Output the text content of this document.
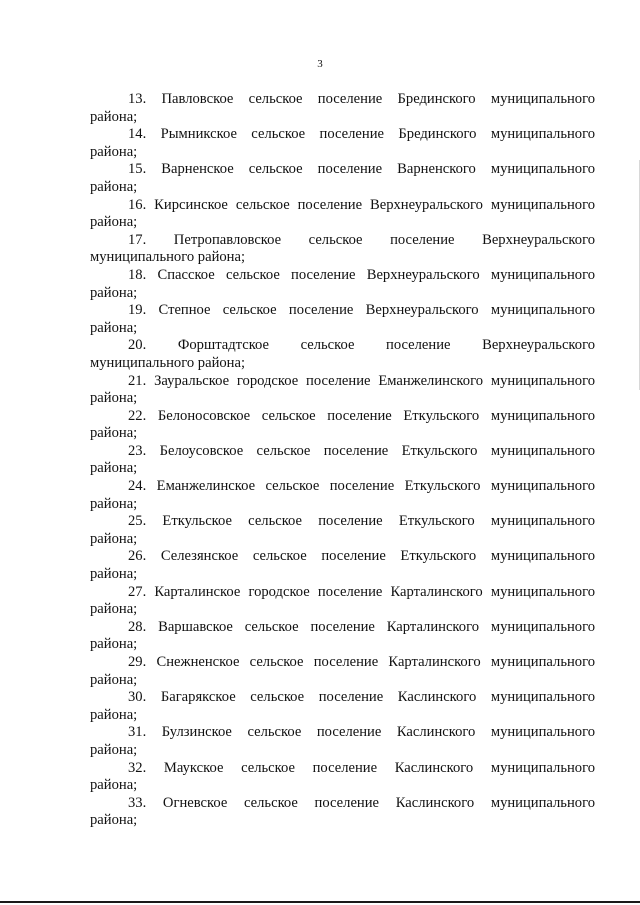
3

13. Павловское сельское поселение Брединского муниципального
района;

14. Рымникское сельское поселение Брединского муниципального
района;

15. Варненское сельское поселение Варненского муниципального
района;

16. Кирсинское сельское поселение Верхнеуральского муниципального
района;

17. Петропавловское сельское поселение Верхнеуральского
муниципального района;

18. Спасское сельское поселение Верхнеуральского муниципального
района;

19. Степное сельское поселение Верхнеуральского муниципального
района;

20. Форштадтское сельское поселение Верхнеуральского
муниципального района;

21. Зауральское городское поселение Еманжелинского муниципального
района;

22. Белоносовское сельское поселение Еткульского муниципального
района;

23. Белоусовское сельское поселение Еткульского муниципального
района;

24. Еманжелинское сельское поселение Еткульского муниципального
района;

25. Еткульское сельское поселение Еткульского муниципального
района;

26. Селезянское сельское поселение Еткульского муниципального
района;

27. Карталинское городское поселение Карталинского муниципального
района;

28. Варшавское сельское поселение Карталинского муниципального
района;

29. Снежненское сельское поселение Карталинского муниципального
района;

30. Багарякское сельское поселение Каслинского муниципального
района;

31. Булзинское сельское поселение Каслинского муниципального
района;

32. Маукское сельское поселение Каслинского муниципального
района;

33. Огневское сельское поселение Каслинского муниципального
района;
